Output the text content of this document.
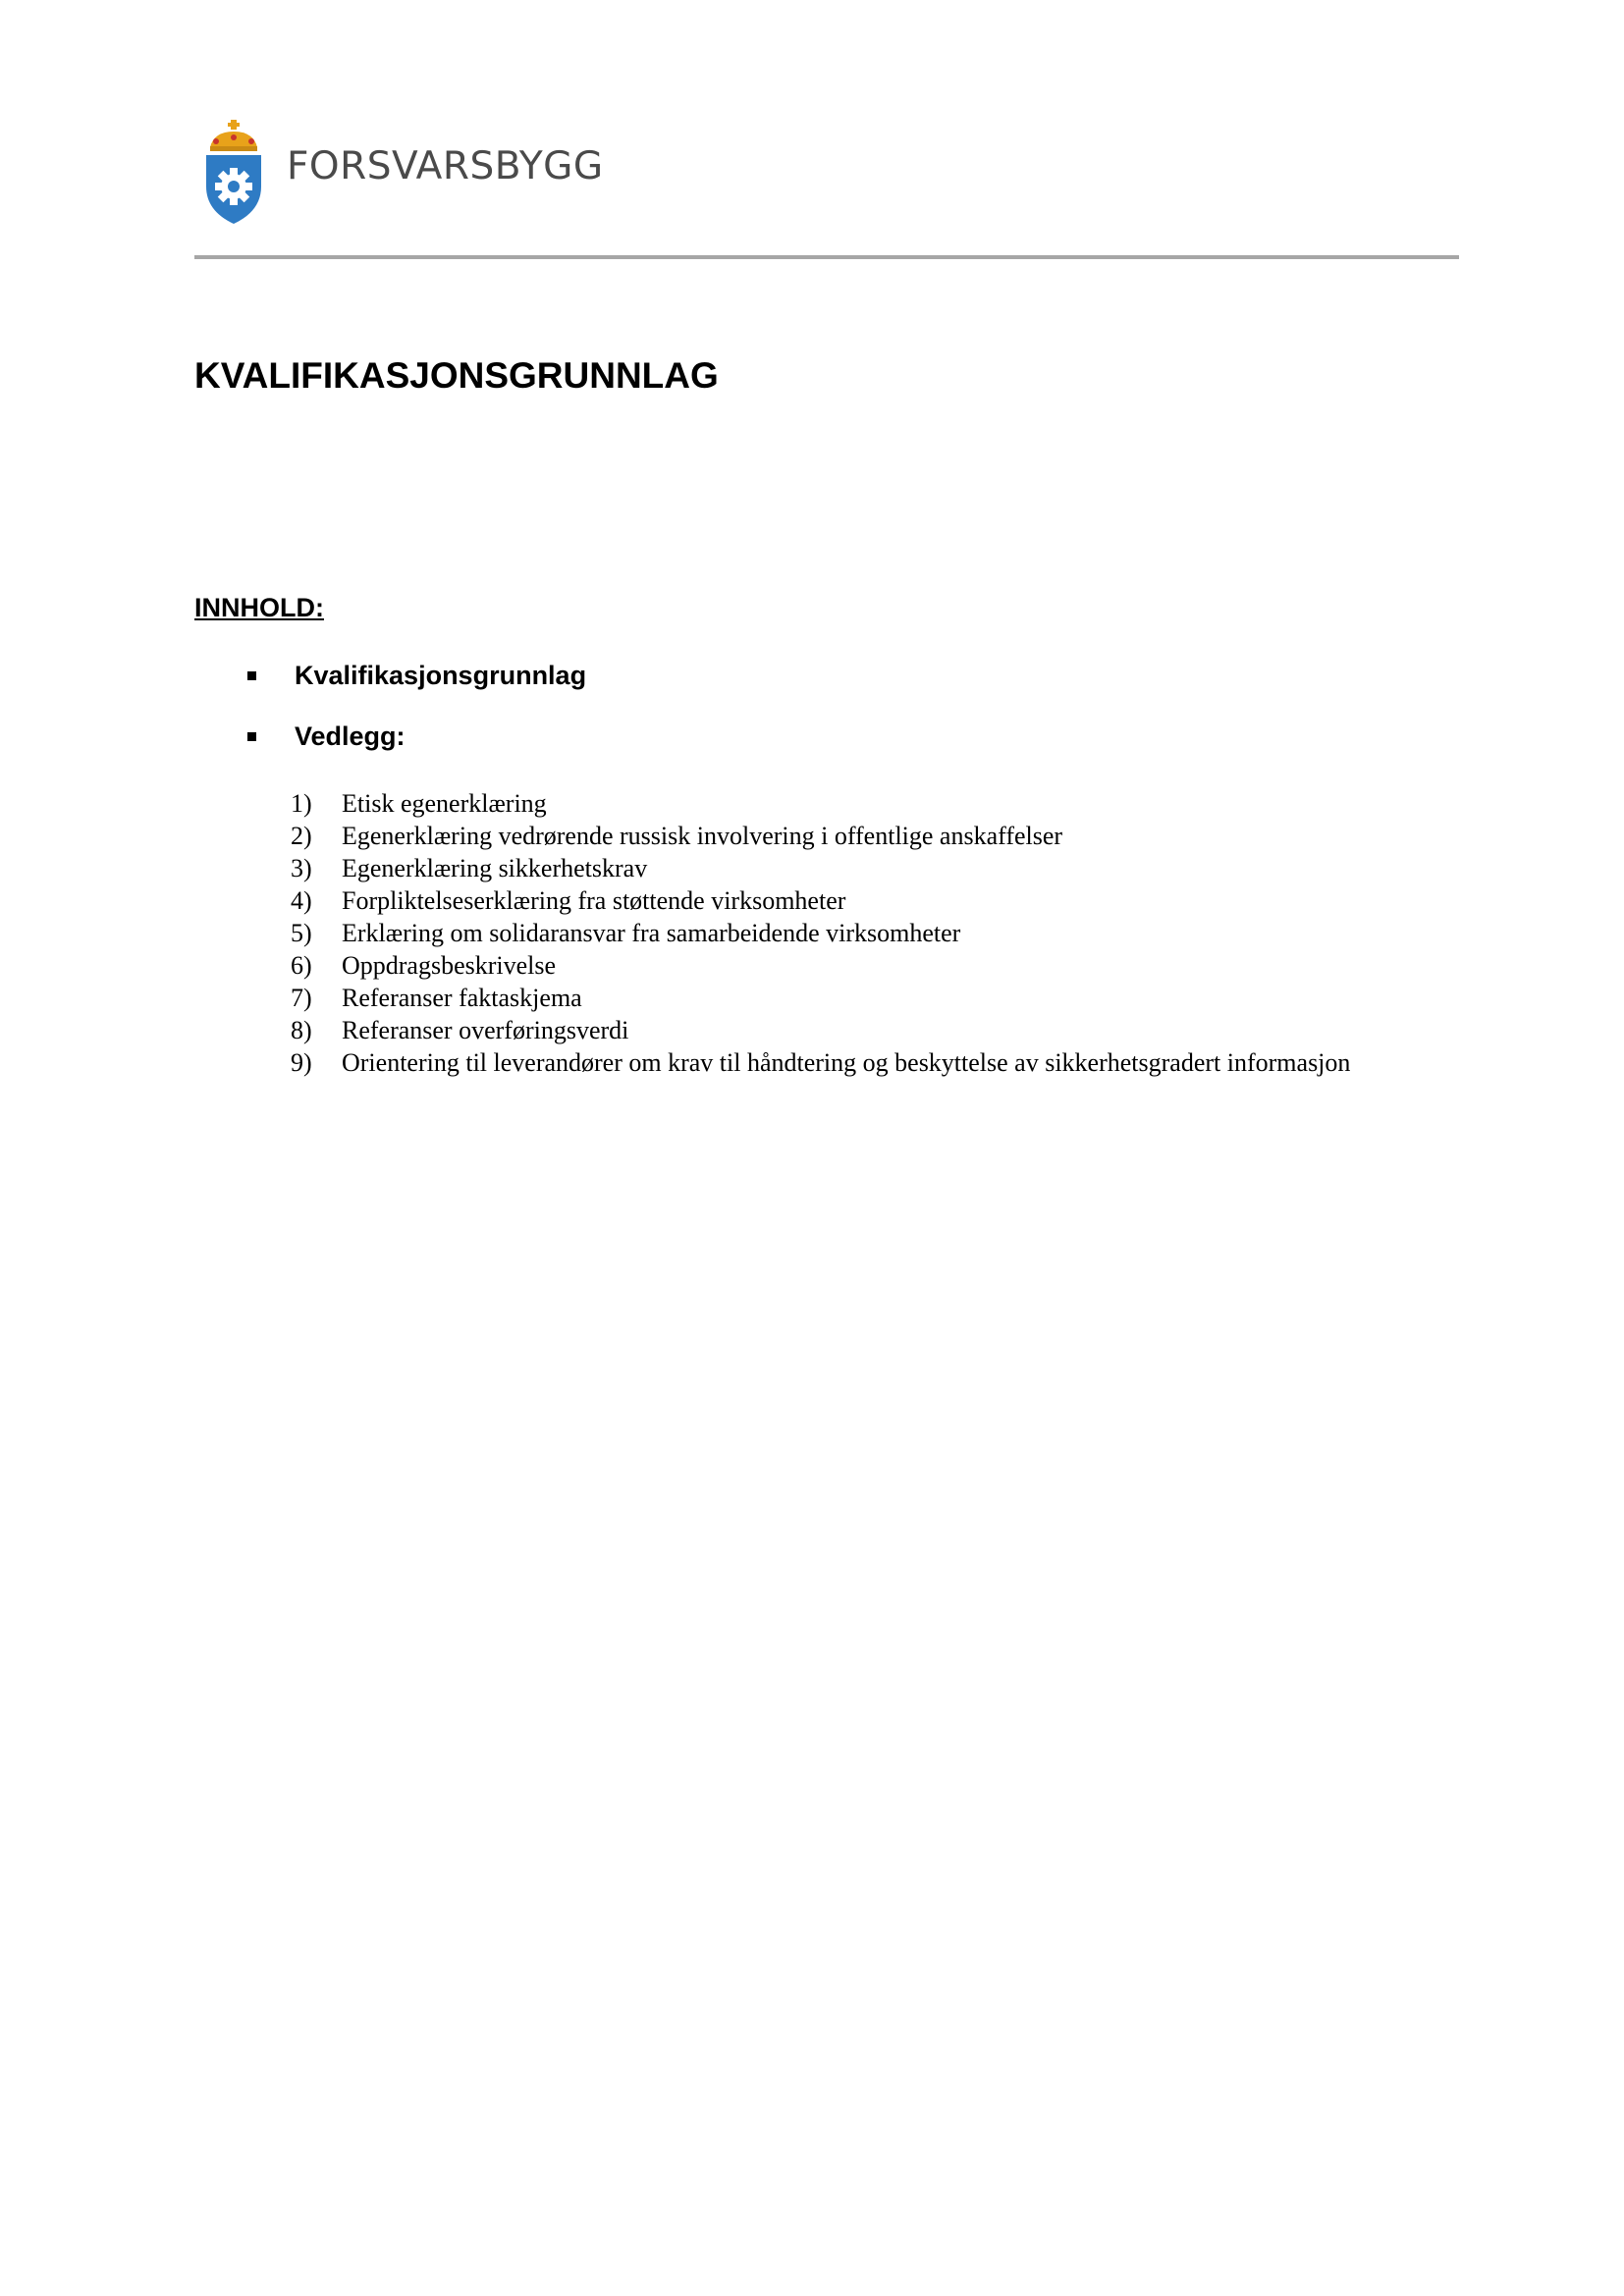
FORSVARSBYGG
KVALIFIKASJONSGRUNNLAG
INNHOLD:
Kvalifikasjonsgrunnlag
Vedlegg:
1) Etisk egenerklæring
2) Egenerklæring vedrørende russisk involvering i offentlige anskaffelser
3) Egenerklæring sikkerhetskrav
4) Forpliktelseserklæring fra støttende virksomheter
5) Erklæring om solidaransvar fra samarbeidende virksomheter
6) Oppdragsbeskrivelse
7) Referanser faktaskjema
8) Referanser overføringsverdi
9) Orientering til leverandører om krav til håndtering og beskyttelse av sikkerhetsgradert informasjon
